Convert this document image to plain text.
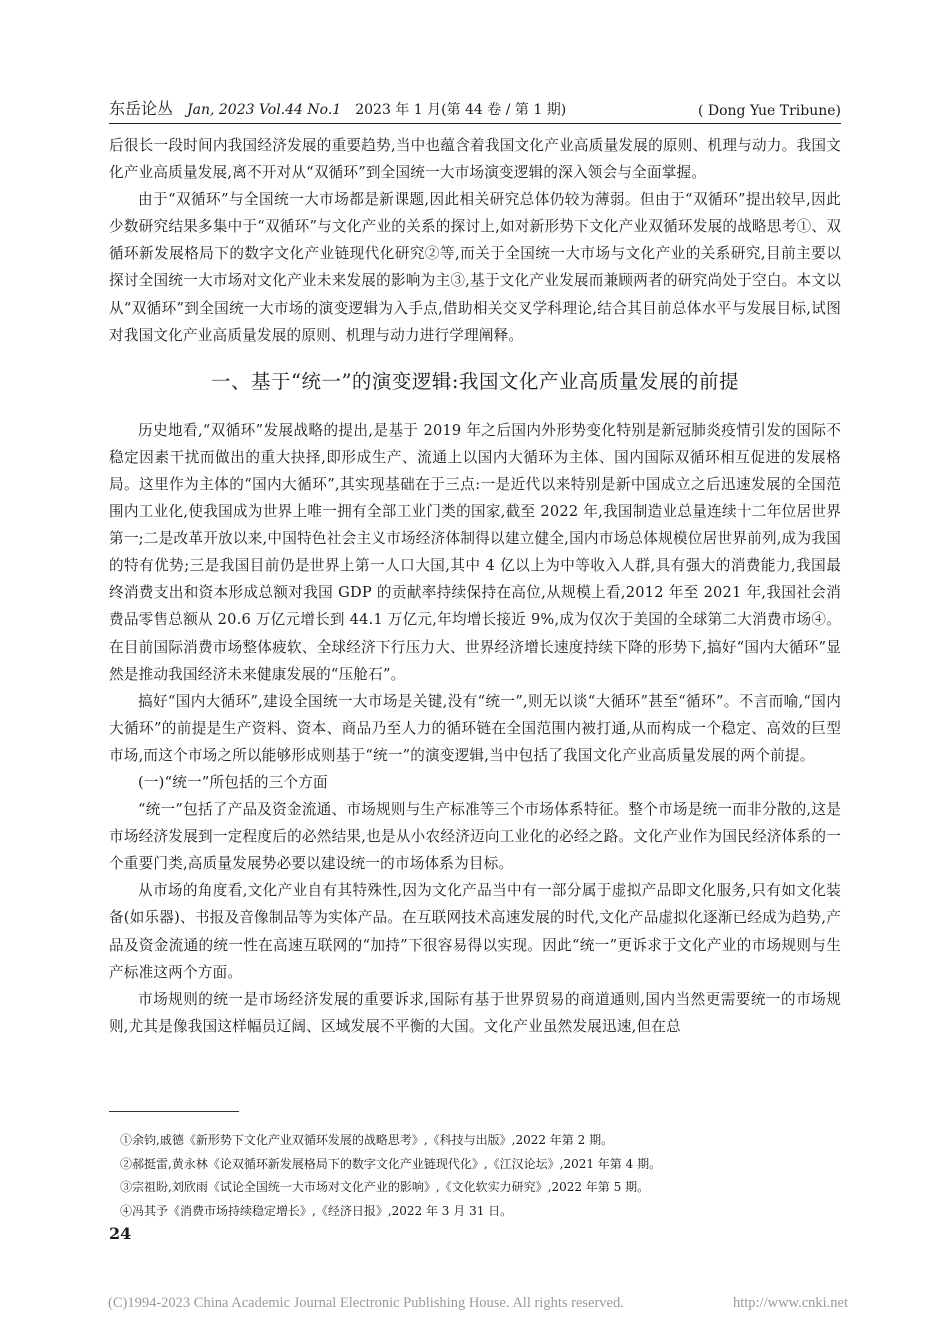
东岳论丛 Jan, 2023 Vol.44 No.1 2023 年 1 月(第 44 卷 / 第 1 期)	( Dong Yue Tribune)

后很长一段时间内我国经济发展的重要趋势,当中也蕴含着我国文化产业高质量发展的原则、机理与动力。我国文化产业高质量发展,离不开对从“双循环”到全国统一大市场演变逻辑的深入领会与全面掌握。

由于“双循环”与全国统一大市场都是新课题,因此相关研究总体仍较为薄弱。但由于“双循环”提出较早,因此少数研究结果多集中于“双循环”与文化产业的关系的探讨上,如对新形势下文化产业双循环发展的战略思考①、双循环新发展格局下的数字文化产业链现代化研究②等,而关于全国统一大市场与文化产业的关系研究,目前主要以探讨全国统一大市场对文化产业未来发展的影响为主③,基于文化产业发展而兼顾两者的研究尚处于空白。本文以从“双循环”到全国统一大市场的演变逻辑为入手点,借助相关交叉学科理论,结合其目前总体水平与发展目标,试图对我国文化产业高质量发展的原则、机理与动力进行学理阐释。

一、基于“统一”的演变逻辑:我国文化产业高质量发展的前提

历史地看,“双循环”发展战略的提出,是基于 2019 年之后国内外形势变化特别是新冠肺炎疫情引发的国际不稳定因素干扰而做出的重大抉择,即形成生产、流通上以国内大循环为主体、国内国际双循环相互促进的发展格局。这里作为主体的“国内大循环”,其实现基础在于三点:一是近代以来特别是新中国成立之后迅速发展的全国范围内工业化,使我国成为世界上唯一拥有全部工业门类的国家,截至 2022 年,我国制造业总量连续十二年位居世界第一;二是改革开放以来,中国特色社会主义市场经济体制得以建立健全,国内市场总体规模位居世界前列,成为我国的特有优势;三是我国目前仍是世界上第一人口大国,其中 4 亿以上为中等收入人群,具有强大的消费能力,我国最终消费支出和资本形成总额对我国 GDP 的贡献率持续保持在高位,从规模上看,2012 年至 2021 年,我国社会消费品零售总额从 20.6 万亿元增长到 44.1 万亿元,年均增长接近 9%,成为仅次于美国的全球第二大消费市场④。在目前国际消费市场整体疲软、全球经济下行压力大、世界经济增长速度持续下降的形势下,搞好“国内大循环”显然是推动我国经济未来健康发展的“压舱石”。

搞好“国内大循环”,建设全国统一大市场是关键,没有“统一”,则无以谈“大循环”甚至“循环”。不言而喻,“国内大循环”的前提是生产资料、资本、商品乃至人力的循环链在全国范围内被打通,从而构成一个稳定、高效的巨型市场,而这个市场之所以能够形成则基于“统一”的演变逻辑,当中包括了我国文化产业高质量发展的两个前提。

(一)“统一”所包括的三个方面

“统一”包括了产品及资金流通、市场规则与生产标准等三个市场体系特征。整个市场是统一而非分散的,这是市场经济发展到一定程度后的必然结果,也是从小农经济迈向工业化的必经之路。文化产业作为国民经济体系的一个重要门类,高质量发展势必要以建设统一的市场体系为目标。

从市场的角度看,文化产业自有其特殊性,因为文化产品当中有一部分属于虚拟产品即文化服务,只有如文化装备(如乐器)、书报及音像制品等为实体产品。在互联网技术高速发展的时代,文化产品虚拟化逐渐已经成为趋势,产品及资金流通的统一性在高速互联网的“加持”下很容易得以实现。因此“统一”更诉求于文化产业的市场规则与生产标准这两个方面。

市场规则的统一是市场经济发展的重要诉求,国际有基于世界贸易的商道通则,国内当然更需要统一的市场规则,尤其是像我国这样幅员辽阔、区域发展不平衡的大国。文化产业虽然发展迅速,但在总

①余钧,戚德《新形势下文化产业双循环发展的战略思考》,《科技与出版》,2022 年第 2 期。
②郝挺雷,黄永林《论双循环新发展格局下的数字文化产业链现代化》,《江汉论坛》,2021 年第 4 期。
③宗祖盼,刘欣雨《试论全国统一大市场对文化产业的影响》,《文化软实力研究》,2022 年第 5 期。
④冯其予《消费市场持续稳定增长》,《经济日报》,2022 年 3 月 31 日。
24
(C)1994-2023 China Academic Journal Electronic Publishing House. All rights reserved.	http://www.cnki.net
